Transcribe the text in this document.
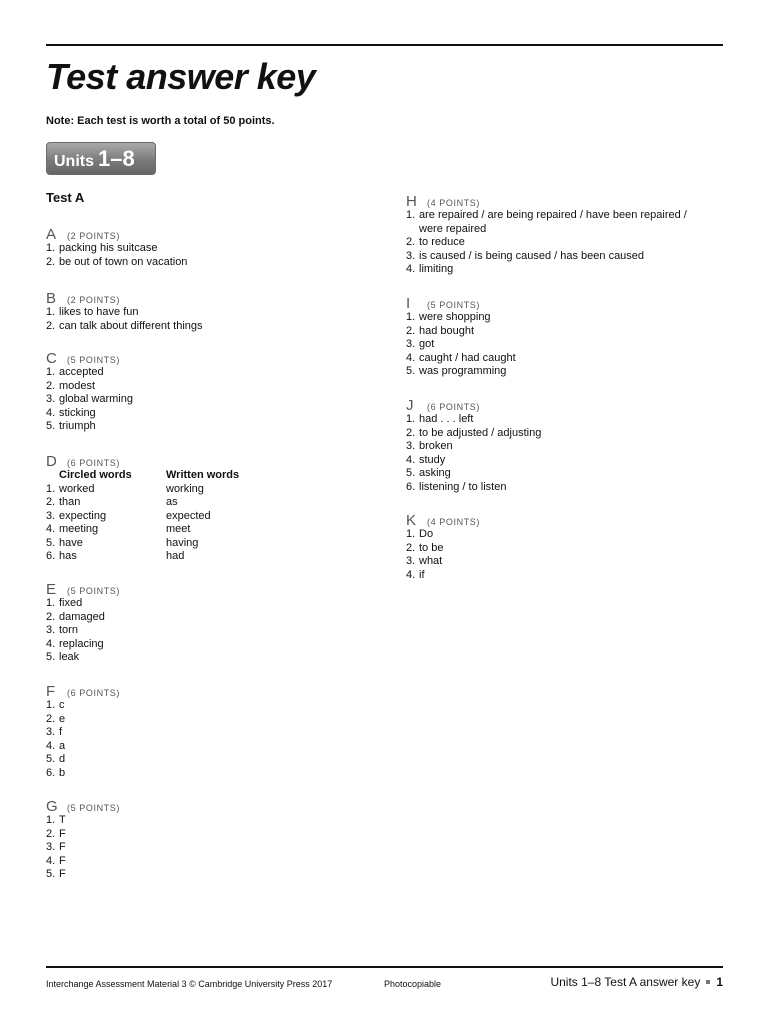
Test answer key
Note: Each test is worth a total of 50 points.
Units 1–8
Test A
A	(2 POINTS)
1. packing his suitcase
2. be out of town on vacation
B	(2 POINTS)
1. likes to have fun
2. can talk about different things
C	(5 POINTS)
1. accepted
2. modest
3. global warming
4. sticking
5. triumph
D	(6 POINTS)
Circled words	Written words
1. worked	working
2. than	as
3. expecting	expected
4. meeting	meet
5. have	having
6. has	had
E	(5 POINTS)
1. fixed
2. damaged
3. torn
4. replacing
5. leak
F	(6 POINTS)
1. c
2. e
3. f
4. a
5. d
6. b
G	(5 POINTS)
1. T
2. F
3. F
4. F
5. F
H	(4 POINTS)
1. are repaired / are being repaired / have been repaired / were repaired
2. to reduce
3. is caused / is being caused / has been caused
4. limiting
I	(5 POINTS)
1. were shopping
2. had bought
3. got
4. caught / had caught
5. was programming
J	(6 POINTS)
1. had . . . left
2. to be adjusted / adjusting
3. broken
4. study
5. asking
6. listening / to listen
K	(4 POINTS)
1. Do
2. to be
3. what
4. if
Interchange Assessment Material 3 © Cambridge University Press 2017	Photocopiable	Units 1–8 Test A answer key 1
